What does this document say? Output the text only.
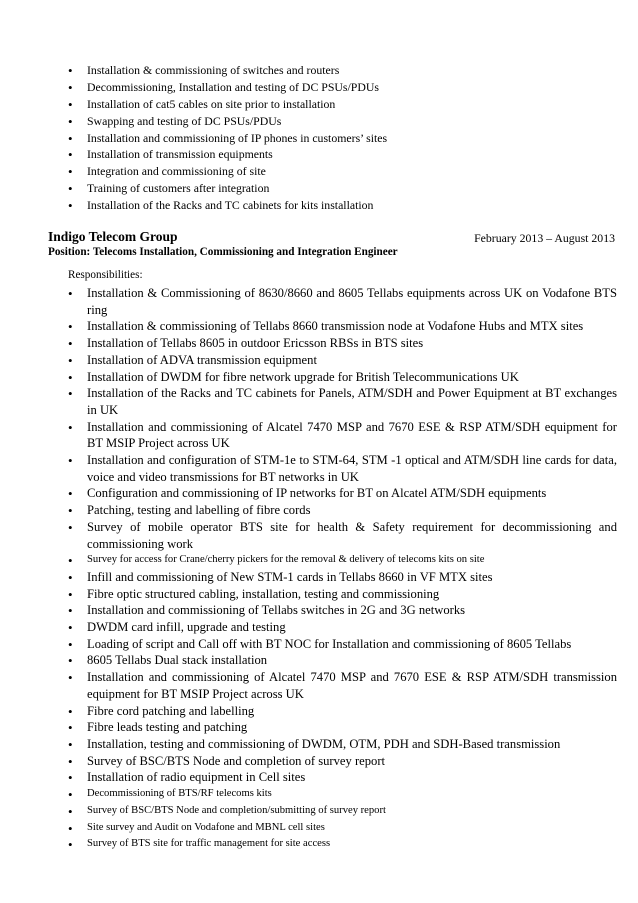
• Installation & commissioning of switches and routers
• Decommissioning, Installation and testing of DC PSUs/PDUs
• Installation of cat5 cables on site prior to installation
• Swapping and testing of DC PSUs/PDUs
• Installation and commissioning of IP phones in customers’ sites
• Installation of transmission equipments
• Integration and commissioning of site
• Training of customers after integration
• Installation of the Racks and TC cabinets for kits installation
Indigo Telecom Group	February 2013 – August 2013
Position: Telecoms Installation, Commissioning and Integration Engineer
Responsibilities:
• Installation & Commissioning of 8630/8660 and 8605 Tellabs equipments across UK on Vodafone BTS ring
• Installation & commissioning of Tellabs 8660 transmission node at Vodafone Hubs and MTX sites
• Installation of Tellabs 8605 in outdoor Ericsson RBSs in BTS sites
• Installation of ADVA transmission equipment
• Installation of DWDM for fibre network upgrade for British Telecommunications UK
• Installation of the Racks and TC cabinets for Panels, ATM/SDH and Power Equipment at BT exchanges in UK
• Installation and commissioning of Alcatel 7470 MSP and 7670 ESE & RSP ATM/SDH equipment for BT MSIP Project across UK
• Installation and configuration of STM-1e to STM-64, STM -1 optical and ATM/SDH line cards for data, voice and video transmissions for BT networks in UK
• Configuration and commissioning of IP networks for BT on Alcatel ATM/SDH equipments
• Patching, testing and labelling of fibre cords
• Survey of mobile operator BTS site for health & Safety requirement for decommissioning and commissioning work
• Survey for access for Crane/cherry pickers for the removal & delivery of telecoms kits on site
• Infill and commissioning of New STM-1 cards in Tellabs 8660 in VF MTX sites
• Fibre optic structured cabling, installation, testing and commissioning
• Installation and commissioning of Tellabs switches in 2G and 3G networks
• DWDM card infill, upgrade and testing
• Loading of script and Call off with BT NOC for Installation and commissioning of 8605 Tellabs
• 8605 Tellabs Dual stack installation
• Installation and commissioning of Alcatel 7470 MSP and 7670 ESE & RSP ATM/SDH transmission equipment for BT MSIP Project across UK
• Fibre cord patching and labelling
• Fibre leads testing and patching
• Installation, testing and commissioning of DWDM, OTM, PDH and SDH-Based transmission
• Survey of BSC/BTS Node and completion of survey report
• Installation of radio equipment in Cell sites
• Decommissioning of BTS/RF telecoms kits
• Survey of BSC/BTS Node and completion/submitting of survey report
• Site survey and Audit on Vodafone and MBNL cell sites
• Survey of BTS site for traffic management for site access
